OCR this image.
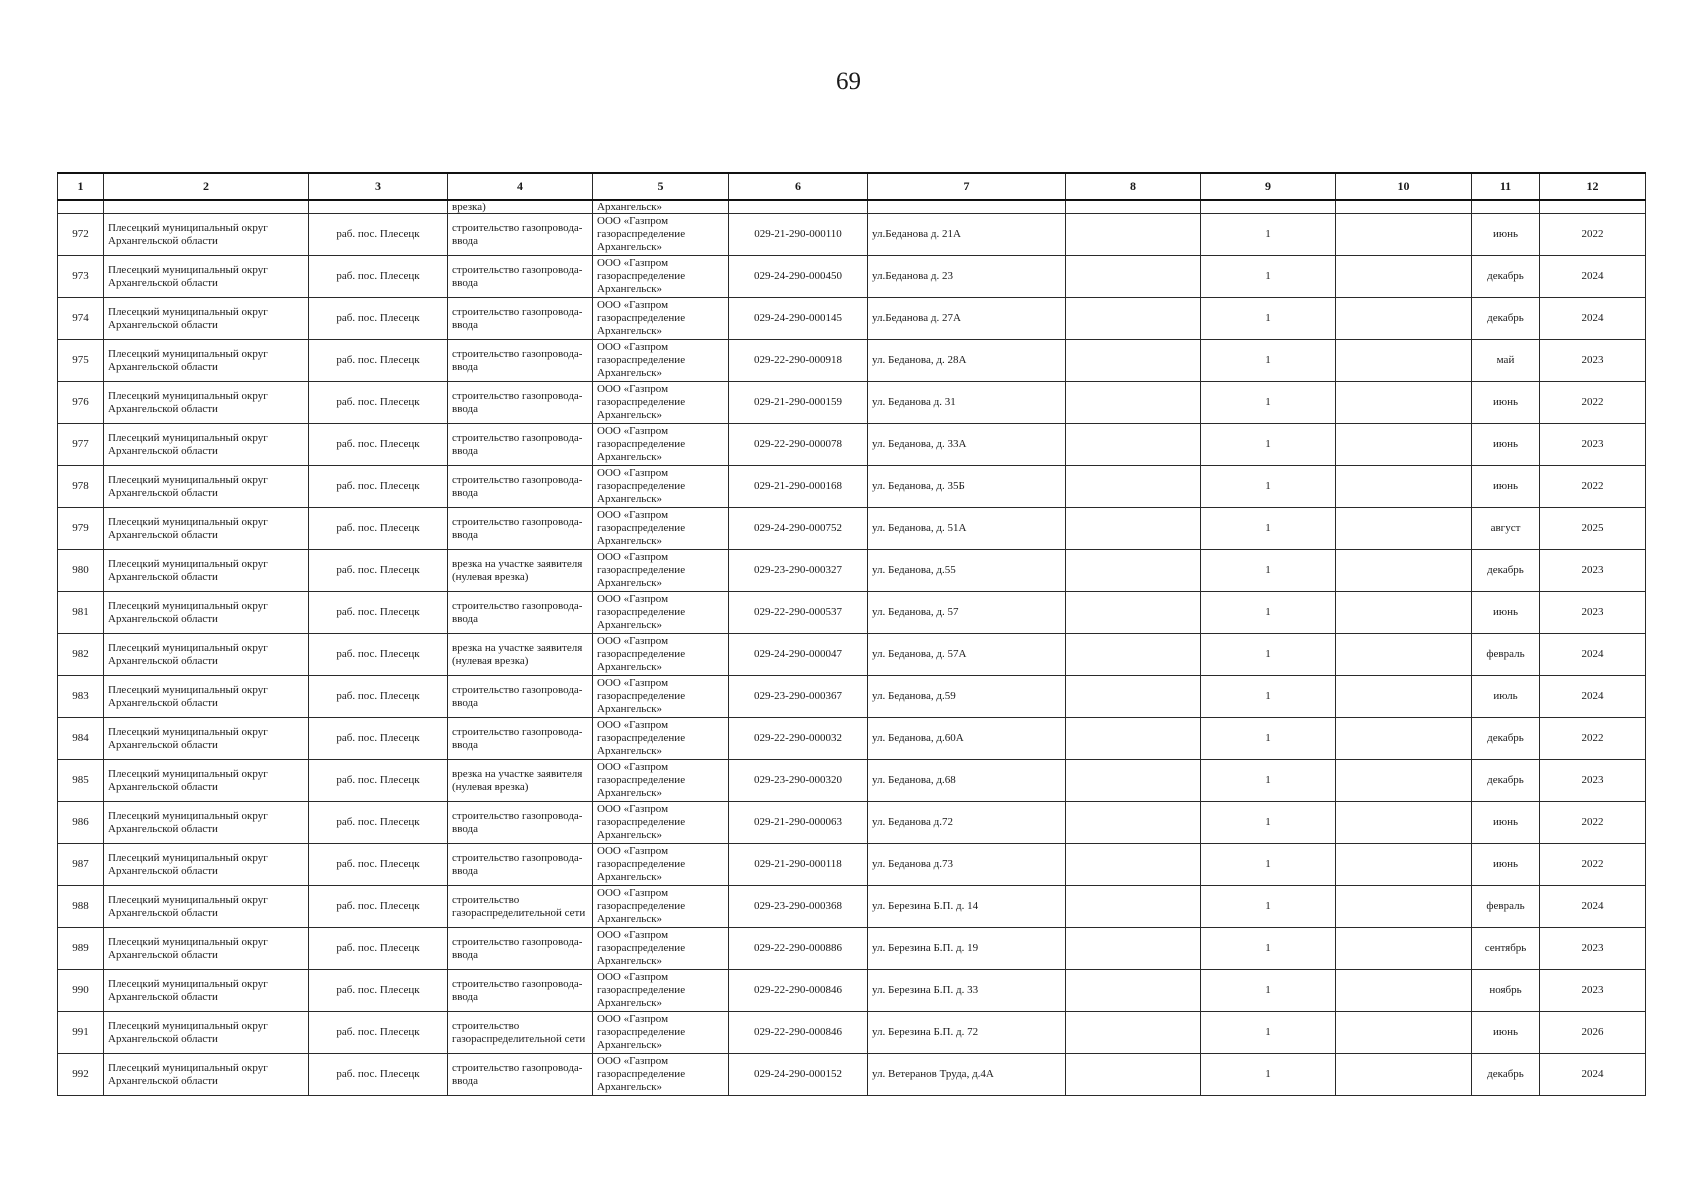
69
1	2	3	4	5	6	7	8	9	10	11	12
			врезка)	Архангельск»							
972	Плесецкий муниципальный округ Архангельской области	раб. пос. Плесецк	строительство газопровода-ввода	ООО «Газпром газораспределение Архангельск»	029-21-290-000110	ул.Беданова д. 21А		1		июнь	2022
973	Плесецкий муниципальный округ Архангельской области	раб. пос. Плесецк	строительство газопровода-ввода	ООО «Газпром газораспределение Архангельск»	029-24-290-000450	ул.Беданова д. 23		1		декабрь	2024
974	Плесецкий муниципальный округ Архангельской области	раб. пос. Плесецк	строительство газопровода-ввода	ООО «Газпром газораспределение Архангельск»	029-24-290-000145	ул.Беданова д. 27А		1		декабрь	2024
975	Плесецкий муниципальный округ Архангельской области	раб. пос. Плесецк	строительство газопровода-ввода	ООО «Газпром газораспределение Архангельск»	029-22-290-000918	ул. Беданова, д. 28А		1		май	2023
976	Плесецкий муниципальный округ Архангельской области	раб. пос. Плесецк	строительство газопровода-ввода	ООО «Газпром газораспределение Архангельск»	029-21-290-000159	ул. Беданова д. 31		1		июнь	2022
977	Плесецкий муниципальный округ Архангельской области	раб. пос. Плесецк	строительство газопровода-ввода	ООО «Газпром газораспределение Архангельск»	029-22-290-000078	ул. Беданова, д. 33А		1		июнь	2023
978	Плесецкий муниципальный округ Архангельской области	раб. пос. Плесецк	строительство газопровода-ввода	ООО «Газпром газораспределение Архангельск»	029-21-290-000168	ул. Беданова, д. 35Б		1		июнь	2022
979	Плесецкий муниципальный округ Архангельской области	раб. пос. Плесецк	строительство газопровода-ввода	ООО «Газпром газораспределение Архангельск»	029-24-290-000752	ул. Беданова, д. 51А		1		август	2025
980	Плесецкий муниципальный округ Архангельской области	раб. пос. Плесецк	врезка на участке заявителя (нулевая врезка)	ООО «Газпром газораспределение Архангельск»	029-23-290-000327	ул. Беданова, д.55		1		декабрь	2023
981	Плесецкий муниципальный округ Архангельской области	раб. пос. Плесецк	строительство газопровода-ввода	ООО «Газпром газораспределение Архангельск»	029-22-290-000537	ул. Беданова, д. 57		1		июнь	2023
982	Плесецкий муниципальный округ Архангельской области	раб. пос. Плесецк	врезка на участке заявителя (нулевая врезка)	ООО «Газпром газораспределение Архангельск»	029-24-290-000047	ул. Беданова, д. 57А		1		февраль	2024
983	Плесецкий муниципальный округ Архангельской области	раб. пос. Плесецк	строительство газопровода-ввода	ООО «Газпром газораспределение Архангельск»	029-23-290-000367	ул. Беданова, д.59		1		июль	2024
984	Плесецкий муниципальный округ Архангельской области	раб. пос. Плесецк	строительство газопровода-ввода	ООО «Газпром газораспределение Архангельск»	029-22-290-000032	ул. Беданова, д.60А		1		декабрь	2022
985	Плесецкий муниципальный округ Архангельской области	раб. пос. Плесецк	врезка на участке заявителя (нулевая врезка)	ООО «Газпром газораспределение Архангельск»	029-23-290-000320	ул. Беданова, д.68		1		декабрь	2023
986	Плесецкий муниципальный округ Архангельской области	раб. пос. Плесецк	строительство газопровода-ввода	ООО «Газпром газораспределение Архангельск»	029-21-290-000063	ул. Беданова д.72		1		июнь	2022
987	Плесецкий муниципальный округ Архангельской области	раб. пос. Плесецк	строительство газопровода-ввода	ООО «Газпром газораспределение Архангельск»	029-21-290-000118	ул. Беданова д.73		1		июнь	2022
988	Плесецкий муниципальный округ Архангельской области	раб. пос. Плесецк	строительство газораспределительной сети	ООО «Газпром газораспределение Архангельск»	029-23-290-000368	ул. Березина Б.П. д. 14		1		февраль	2024
989	Плесецкий муниципальный округ Архангельской области	раб. пос. Плесецк	строительство газопровода-ввода	ООО «Газпром газораспределение Архангельск»	029-22-290-000886	ул. Березина Б.П. д. 19		1		сентябрь	2023
990	Плесецкий муниципальный округ Архангельской области	раб. пос. Плесецк	строительство газопровода-ввода	ООО «Газпром газораспределение Архангельск»	029-22-290-000846	ул. Березина Б.П. д. 33		1		ноябрь	2023
991	Плесецкий муниципальный округ Архангельской области	раб. пос. Плесецк	строительство газораспределительной сети	ООО «Газпром газораспределение Архангельск»	029-22-290-000846	ул. Березина Б.П. д. 72		1		июнь	2026
992	Плесецкий муниципальный округ Архангельской области	раб. пос. Плесецк	строительство газопровода-ввода	ООО «Газпром газораспределение Архангельск»	029-24-290-000152	ул. Ветеранов Труда, д.4А		1		декабрь	2024
